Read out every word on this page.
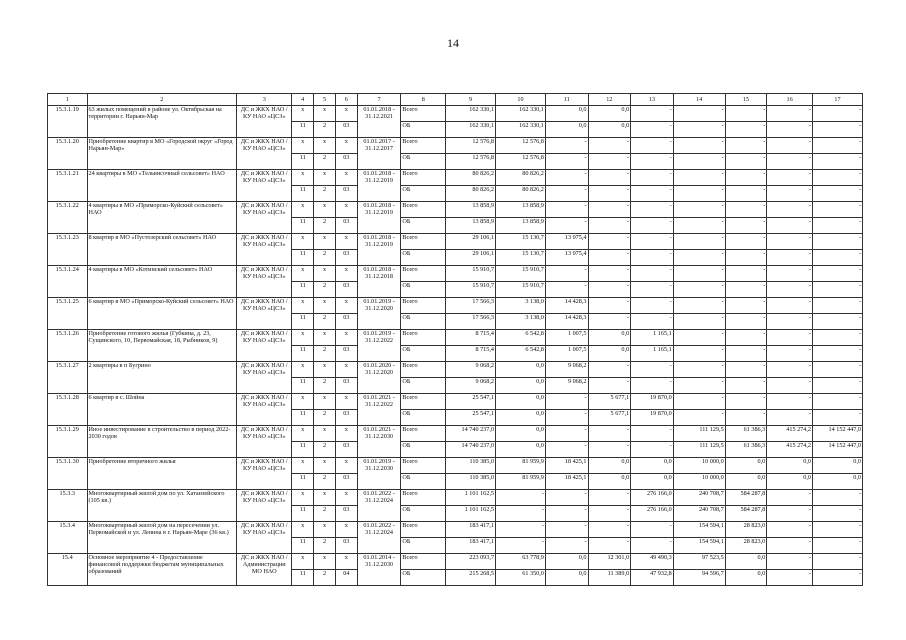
14
1	2	3	4	5	6	7	8	9	10	11	12	13	14	15	16	17
15.3.1.19	63 жилых помещений в районе ул. Октябрьская на территории г. Нарьян-Мар	ДС и ЖКХ НАО / КУ НАО «ЦСЗ»	х	х	х	01.01.2018 - 31.12.2021	Всего	162 330,1	162 330,1	0,0	0,0	-	-	-	-	-
			11	2	03		ОБ	162 330,1	162 330,1	0,0	0,0	-	-	-	-	-
15.3.1.20	Приобретение квартир в МО «Городской округ «Город Нарьян-Мар»	ДС и ЖКХ НАО / КУ НАО «ЦСЗ»	х	х	х	01.01.2017 - 31.12.2017	Всего	12 576,8	12 576,8	-	-	-	-	-	-	-
			11	2	03		ОБ	12 576,8	12 576,8	-	-	-	-	-	-	-
15.3.1.21	24 квартиры в МО «Тельвисочный сельсовет» НАО	ДС и ЖКХ НАО / КУ НАО «ЦСЗ»	х	х	х	01.01.2018 - 31.12.2019	Всего	80 826,2	80 826,2	-	-	-	-	-	-	-
			11	2	03		ОБ	80 826,2	80 826,2	-	-	-	-	-	-	-
15.3.1.22	4 квартиры в МО «Приморско-Куйский сельсовет» НАО	ДС и ЖКХ НАО / КУ НАО «ЦСЗ»	х	х	х	01.01.2018 - 31.12.2019	Всего	13 858,9	13 858,9	-	-	-	-	-	-	-
			11	2	03		ОБ	13 858,9	13 858,9	-	-	-	-	-	-	-
15.3.1.23	8 квартир в МО «Пустозерский сельсовет» НАО	ДС и ЖКХ НАО / КУ НАО «ЦСЗ»	х	х	х	01.01.2018 - 31.12.2019	Всего	29 106,1	15 130,7	13 975,4	-	-	-	-	-	-
			11	2	03		ОБ	29 106,1	15 130,7	13 975,4	-	-	-	-	-	-
15.3.1.24	4 квартиры в МО «Котинский сельсовет» НАО	ДС и ЖКХ НАО / КУ НАО «ЦСЗ»	х	х	х	01.01.2018 - 31.12.2018	Всего	15 910,7	15 910,7	-	-	-	-	-	-	-
			11	2	03		ОБ	15 910,7	15 910,7	-	-	-	-	-	-	-
15.3.1.25	6 квартир в МО «Приморско-Куйский сельсовет» НАО	ДС и ЖКХ НАО / КУ НАО «ЦСЗ»	х	х	х	01.01.2019 - 31.12.2020	Всего	17 566,3	3 138,0	14 428,3	-	-	-	-	-	-
			11	2	03		ОБ	17 566,3	3 138,0	14 428,3	-	-	-	-	-	-
15.3.1.26	Приобретение готового жилья (Губкина, д. 23, Сущинского, 10, Первомайская, 18, Рыбников, 9)	ДС и ЖКХ НАО / КУ НАО «ЦСЗ»	х	х	х	01.01.2019 - 31.12.2022	Всего	8 715,4	6 542,8	1 007,5	0,0	1 165,1	-	-	-	-
			11	2	03		ОБ	8 715,4	6 542,8	1 007,5	0,0	1 165,1	-	-	-	-
15.3.1.27	2 квартиры в п Бугрино	ДС и ЖКХ НАО / КУ НАО «ЦСЗ»	х	х	х	01.01.2020 - 31.12.2020	Всего	9 068,2	0,0	9 068,2	-	-	-	-	-	-
			11	2	03		ОБ	9 068,2	0,0	9 068,2	-	-	-	-	-	-
15.3.1.28	6 квартир в с. Шойна	ДС и ЖКХ НАО / КУ НАО «ЦСЗ»	х	х	х	01.01.2021 - 31.12.2022	Всего	25 547,1	0,0	-	5 677,1	19 870,0	-	-	-	-
			11	2	03		ОБ	25 547,1	0,0	-	5 677,1	19 870,0	-	-	-	-
15.3.1.29	Иное инвестирование в строительство в период 2022-2030 годов	ДС и ЖКХ НАО / КУ НАО «ЦСЗ»	х	х	х	01.01.2021 - 31.12.2030	Всего	14 740 237,0	0,0	-	-	-	111 129,5	61 386,3	415 274,2	14 152 447,0
			11	2	03		ОБ	14 740 237,0	0,0	-	-	-	111 129,5	61 386,3	415 274,2	14 152 447,0
15.3.1.30	Приобретение вторичного жилья	ДС и ЖКХ НАО / КУ НАО «ЦСЗ»	х	х	х	01.01.2019 - 31.12.2030	Всего	110 385,0	81 959,9	18 425,1	0,0	0,0	10 000,0	0,0	0,0	0,0
			11	2	03		ОБ	110 385,0	81 959,9	18 425,1	0,0	0,0	10 000,0	0,0	0,0	0,0
15.3.3	Многоквартирный жилой дом по ул. Хатанзейского (105 кв.)	ДС и ЖКХ НАО / КУ НАО «ЦСЗ»	х	х	х	01.01.2022 - 31.12.2024	Всего	1 101 162,5	-	-	-	276 166,0	240 708,7	584 287,8	-	-
			11	2	03		ОБ	1 101 162,5	-	-	-	276 166,0	240 708,7	584 287,8	-	-
15.3.4	Многоквартирный жилой дом на пересечении ул. Первомайской и ул. Ленина в г. Нарьян-Маре (36 кв.)	ДС и ЖКХ НАО / КУ НАО «ЦСЗ»	х	х	х	01.01.2022 - 31.12.2024	Всего	183 417,1	-	-	-	-	154 594,1	28 823,0	-	-
			11	2	03		ОБ	183 417,1	-	-	-	-	154 594,1	28 823,0	-	-
15.4	Основное мероприятие 4 - Предоставление финансовой поддержки бюджетам муниципальных образований	ДС и ЖКХ НАО / Администрации МО НАО	х	х	х	01.01.2014 - 31.12.2030	Всего	223 093,7	63 778,9	0,0	12 301,0	49 490,3	97 523,5	0,0	-	-
			11	2	04		ОБ	215 268,5	61 350,0	0,0	11 389,0	47 932,8	94 596,7	0,0	-	-
